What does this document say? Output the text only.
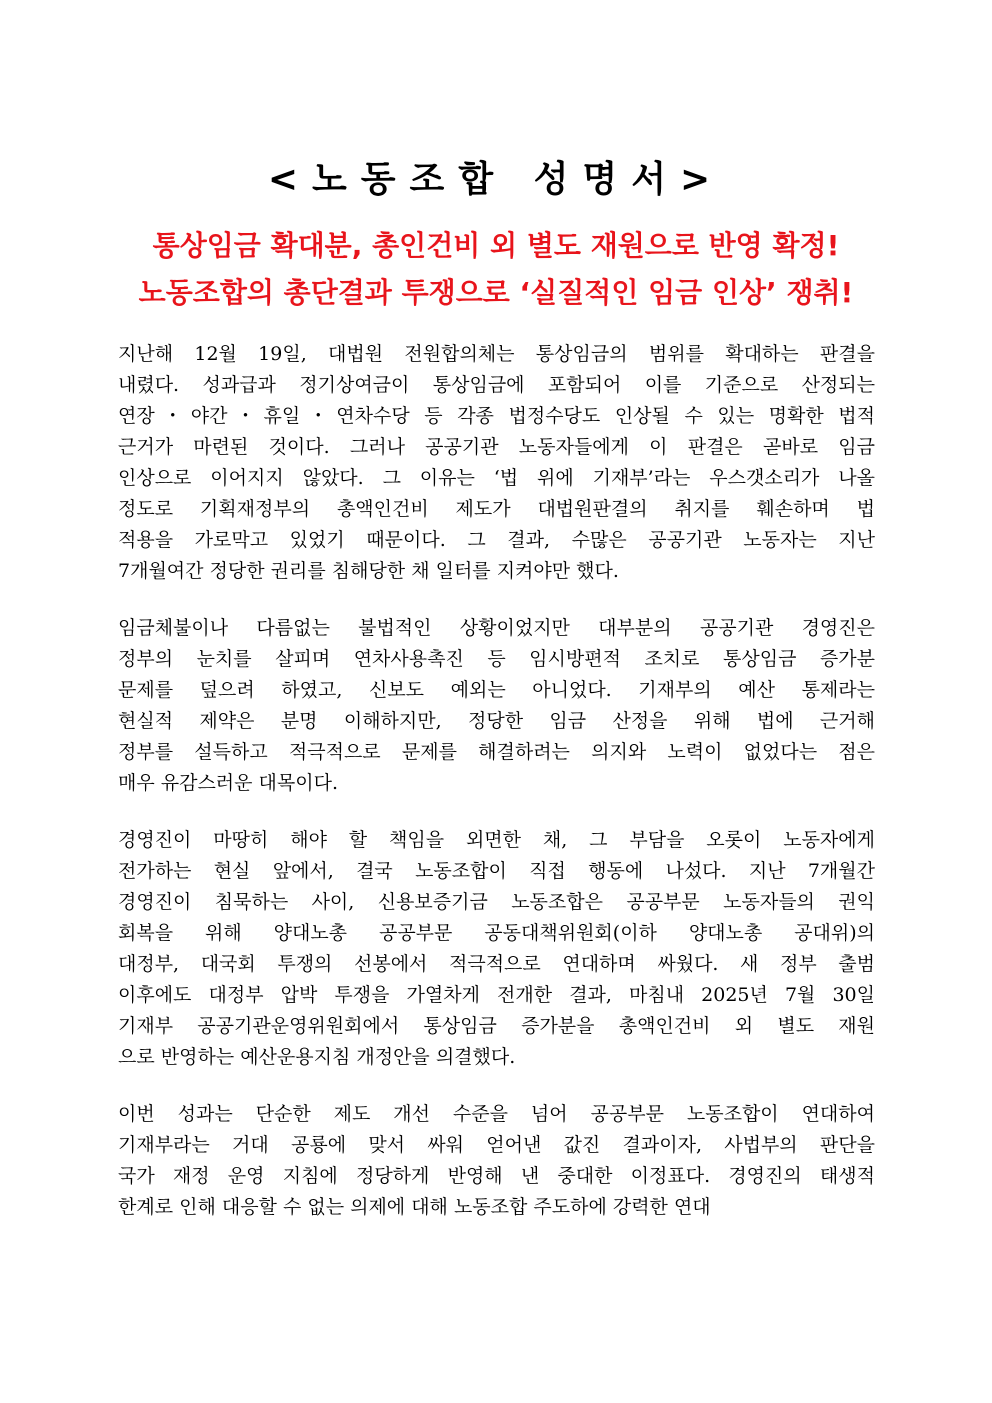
<노동조합 성명서>
통상임금 확대분, 총인건비 외 별도 재원으로 반영 확정!
노동조합의 총단결과 투쟁으로 ‘실질적인 임금 인상’ 쟁취!
지난해 12월 19일, 대법원 전원합의체는 통상임금의 범위를 확대하는 판결을
내렸다. 성과급과 정기상여금이 통상임금에 포함되어 이를 기준으로 산정되는
연장・야간・휴일・연차수당 등 각종 법정수당도 인상될 수 있는 명확한 법적
근거가 마련된 것이다. 그러나 공공기관 노동자들에게 이 판결은 곧바로 임금
인상으로 이어지지 않았다. 그 이유는 ‘법 위에 기재부’라는 우스갯소리가 나올
정도로 기획재정부의 총액인건비 제도가 대법원판결의 취지를 훼손하며 법
적용을 가로막고 있었기 때문이다. 그 결과, 수많은 공공기관 노동자는 지난
7개월여간 정당한 권리를 침해당한 채 일터를 지켜야만 했다.
임금체불이나 다름없는 불법적인 상황이었지만 대부분의 공공기관 경영진은
정부의 눈치를 살피며 연차사용촉진 등 임시방편적 조치로 통상임금 증가분
문제를 덮으려 하였고, 신보도 예외는 아니었다. 기재부의 예산 통제라는
현실적 제약은 분명 이해하지만, 정당한 임금 산정을 위해 법에 근거해
정부를 설득하고 적극적으로 문제를 해결하려는 의지와 노력이 없었다는 점은
매우 유감스러운 대목이다.
경영진이 마땅히 해야 할 책임을 외면한 채, 그 부담을 오롯이 노동자에게
전가하는 현실 앞에서, 결국 노동조합이 직접 행동에 나섰다. 지난 7개월간
경영진이 침묵하는 사이, 신용보증기금 노동조합은 공공부문 노동자들의 권익
회복을 위해 양대노총 공공부문 공동대책위원회(이하 양대노총 공대위)의
대정부, 대국회 투쟁의 선봉에서 적극적으로 연대하며 싸웠다. 새 정부 출범
이후에도 대정부 압박 투쟁을 가열차게 전개한 결과, 마침내 2025년 7월 30일
기재부 공공기관운영위원회에서 통상임금 증가분을 총액인건비 외 별도 재원
으로 반영하는 예산운용지침 개정안을 의결했다.
이번 성과는 단순한 제도 개선 수준을 넘어 공공부문 노동조합이 연대하여
기재부라는 거대 공룡에 맞서 싸워 얻어낸 값진 결과이자, 사법부의 판단을
국가 재정 운영 지침에 정당하게 반영해 낸 중대한 이정표다. 경영진의 태생적
한계로 인해 대응할 수 없는 의제에 대해 노동조합 주도하에 강력한 연대
